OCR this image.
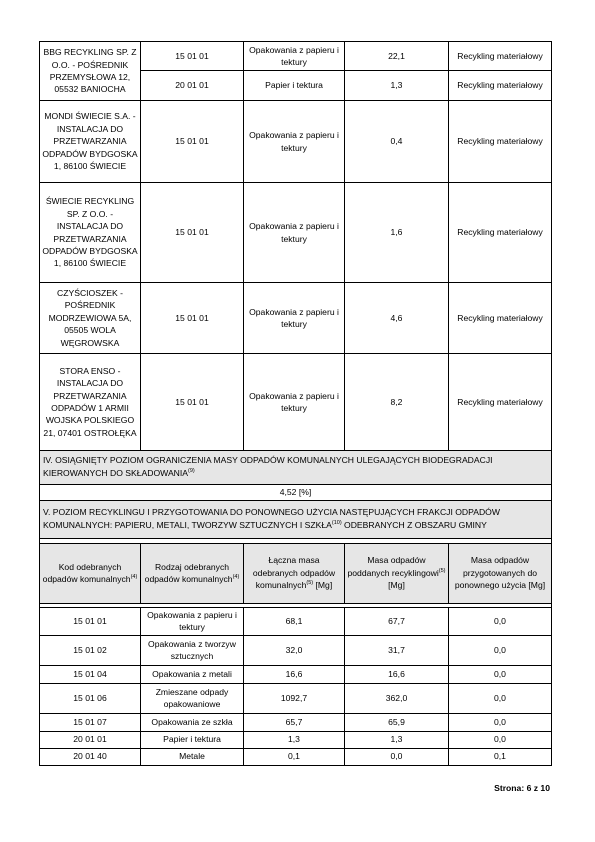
BBG RECYKLING SP. Z O.O. - POŚREDNIK PRZEMYSŁOWA 12, 05532 BANIOCHA	15 01 01	Opakowania z papieru i tektury	22,1	Recykling materiałowy
	20 01 01	Papier i tektura	1,3	Recykling materiałowy
MONDI ŚWIECIE S.A. - INSTALACJA DO PRZETWARZANIA ODPADÓW BYDGOSKA 1, 86100 ŚWIECIE	15 01 01	Opakowania z papieru i tektury	0,4	Recykling materiałowy
ŚWIECIE RECYKLING SP. Z O.O. - INSTALACJA DO PRZETWARZANIA ODPADÓW BYDGOSKA 1, 86100 ŚWIECIE	15 01 01	Opakowania z papieru i tektury	1,6	Recykling materiałowy
CZYŚCIOSZEK - POŚREDNIK MODRZEWIOWA 5A, 05505 WOLA WĘGROWSKA	15 01 01	Opakowania z papieru i tektury	4,6	Recykling materiałowy
STORA ENSO - INSTALACJA DO PRZETWARZANIA ODPADÓW 1 ARMII WOJSKA POLSKIEGO 21, 07401 OSTROŁĘKA	15 01 01	Opakowania z papieru i tektury	8,2	Recykling materiałowy
IV. OSIĄGNIĘTY POZIOM OGRANICZENIA MASY ODPADÓW KOMUNALNYCH ULEGAJĄCYCH BIODEGRADACJI KIEROWANYCH DO SKŁADOWANIA$^{(9)}$
4,52 [%]				
V. POZIOM RECYKLINGU I PRZYGOTOWANIA DO PONOWNEGO UŻYCIA NASTĘPUJĄCYCH FRAKCJI ODPADÓW KOMUNALNYCH: PAPIERU, METALI, TWORZYW SZTUCZNYCH I SZKŁA$^{(10)}$ ODEBRANYCH Z OBSZARU GMINY				

Kod odebranych odpadów komunalnych$^{(4)}$	Rodzaj odebranych odpadów komunalnych$^{(4)}$	Łączna masa odebranych odpadów komunalnych$^{(5)}$ [Mg]	Masa odpadów poddanych recyklingowi$^{(5)}$ [Mg]	Masa odpadów przygotowanych do ponownego użycia [Mg]

15 01 01	Opakowania z papieru i tektury	68,1	67,7	0,0
15 01 02	Opakowania z tworzyw sztucznych	32,0	31,7	0,0
15 01 04	Opakowania z metali	16,6	16,6	0,0
15 01 06	Zmieszane odpady opakowaniowe	1092,7	362,0	0,0
15 01 07	Opakowania ze szkła	65,7	65,9	0,0
20 01 01	Papier i tektura	1,3	1,3	0,0
20 01 40	Metale	0,1	0,0	0,1
Strona: 6 z 10
